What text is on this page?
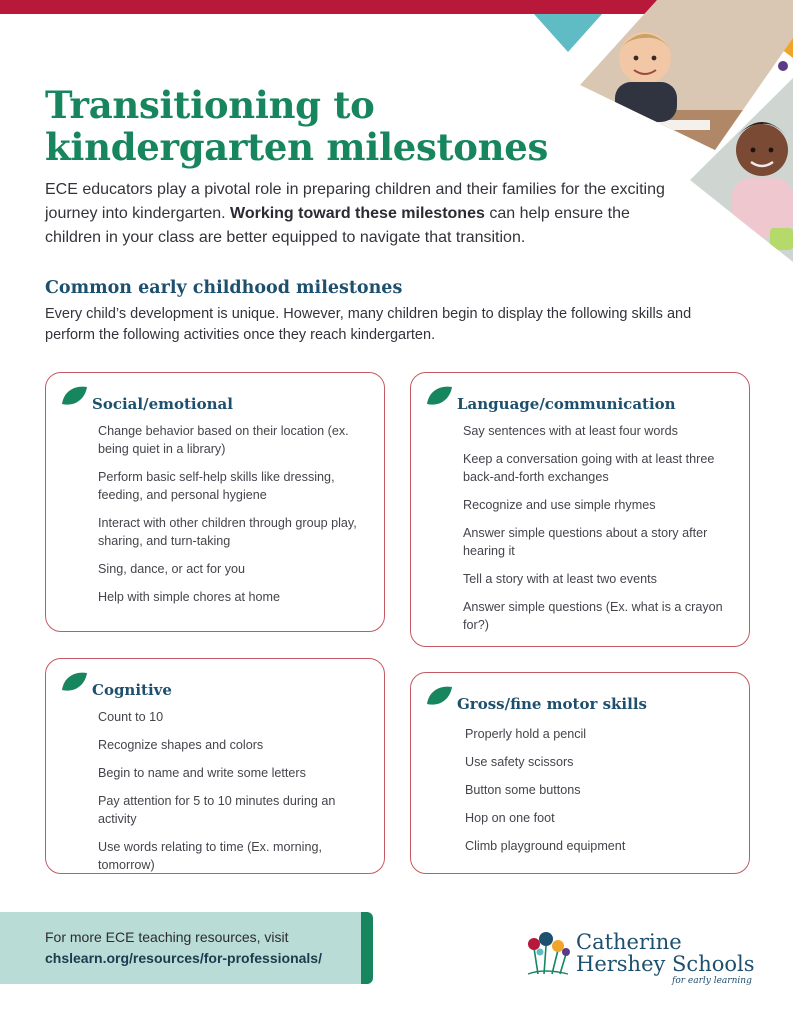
Transitioning to
kindergarten milestones

ECE educators play a pivotal role in preparing children and their families for the exciting journey into kindergarten. Working toward these milestones can help ensure the children in your class are better equipped to navigate that transition.

Common early childhood milestones

Every child’s development is unique. However, many children begin to display the following skills and perform the following activities once they reach kindergarten.

Social/emotional
Change behavior based on their location (ex. being quiet in a library)
Perform basic self-help skills like dressing, feeding, and personal hygiene
Interact with other children through group play, sharing, and turn-taking
Sing, dance, or act for you
Help with simple chores at home
Language/communication
Say sentences with at least four words
Keep a conversation going with at least three back-and-forth exchanges
Recognize and use simple rhymes
Answer simple questions about a story after hearing it
Tell a story with at least two events
Answer simple questions (Ex. what is a crayon for?)
Cognitive
Count to 10
Recognize shapes and colors
Begin to name and write some letters
Pay attention for 5 to 10 minutes during an activity
Use words relating to time (Ex. morning, tomorrow)
Gross/fine motor skills
Properly hold a pencil
Use safety scissors
Button some buttons
Hop on one foot
Climb playground equipment

For more ECE teaching resources, visit

chslearn.org/resources/for-professionals/

Catherine
Hershey Schools

for early learning
